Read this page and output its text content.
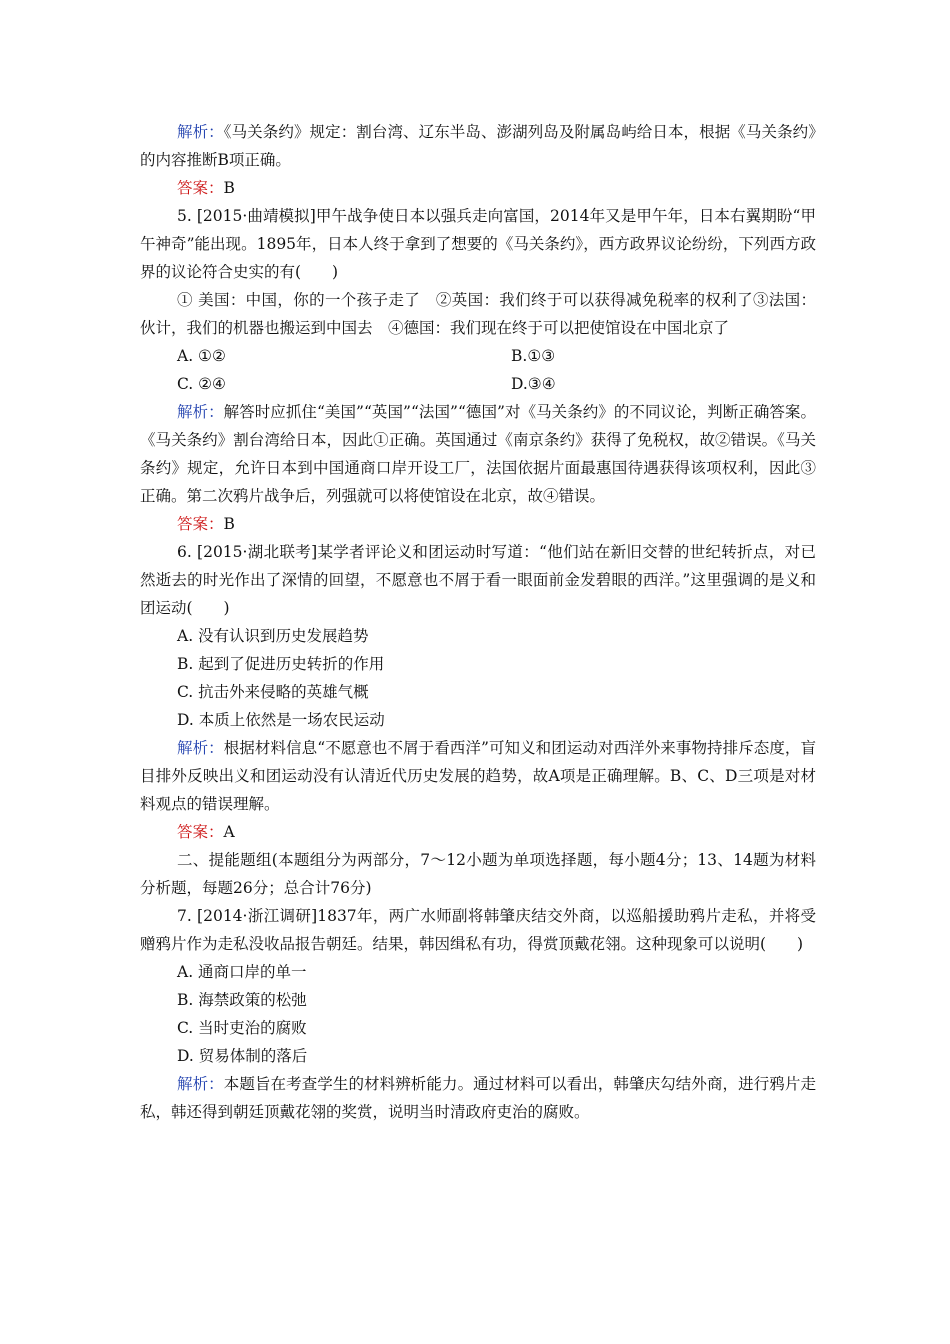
解析：《马关条约》规定：割台湾、辽东半岛、澎湖列岛及附属岛屿给日本，根据《马关条约》的内容推断B项正确。

答案：B

5. [2015·曲靖模拟]甲午战争使日本以强兵走向富国，2014年又是甲午年，日本右翼期盼“甲午神奇”能出现。1895年，日本人终于拿到了想要的《马关条约》，西方政界议论纷纷，下列西方政界的议论符合史实的有(　　)

① 美国：中国，你的一个孩子走了　②英国：我们终于可以获得减免税率的权利了③法国：伙计，我们的机器也搬运到中国去　④德国：我们现在终于可以把使馆设在中国北京了

A. ①②	B.①③
C. ②④	D.③④

解析：解答时应抓住“美国”“英国”“法国”“德国”对《马关条约》的不同议论，判断正确答案。《马关条约》割台湾给日本，因此①正确。英国通过《南京条约》获得了免税权，故②错误。《马关条约》规定，允许日本到中国通商口岸开设工厂，法国依据片面最惠国待遇获得该项权利，因此③正确。第二次鸦片战争后，列强就可以将使馆设在北京，故④错误。

答案：B

6. [2015·湖北联考]某学者评论义和团运动时写道：“他们站在新旧交替的世纪转折点，对已然逝去的时光作出了深情的回望，不愿意也不屑于看一眼面前金发碧眼的西洋。”这里强调的是义和团运动(　　)

A. 没有认识到历史发展趋势
B. 起到了促进历史转折的作用
C. 抗击外来侵略的英雄气概
D. 本质上依然是一场农民运动

解析：根据材料信息“不愿意也不屑于看西洋”可知义和团运动对西洋外来事物持排斥态度，盲目排外反映出义和团运动没有认清近代历史发展的趋势，故A项是正确理解。B、C、D三项是对材料观点的错误理解。

答案：A

二、提能题组(本题组分为两部分，7～12小题为单项选择题，每小题4分；13、14题为材料分析题，每题26分；总合计76分)

7. [2014·浙江调研]1837年，两广水师副将韩肇庆结交外商，以巡船援助鸦片走私，并将受赠鸦片作为走私没收品报告朝廷。结果，韩因缉私有功，得赏顶戴花翎。这种现象可以说明(　　)

A. 通商口岸的单一
B. 海禁政策的松弛
C. 当时吏治的腐败
D. 贸易体制的落后

解析：本题旨在考查学生的材料辨析能力。通过材料可以看出，韩肇庆勾结外商，进行鸦片走私，韩还得到朝廷顶戴花翎的奖赏，说明当时清政府吏治的腐败。
